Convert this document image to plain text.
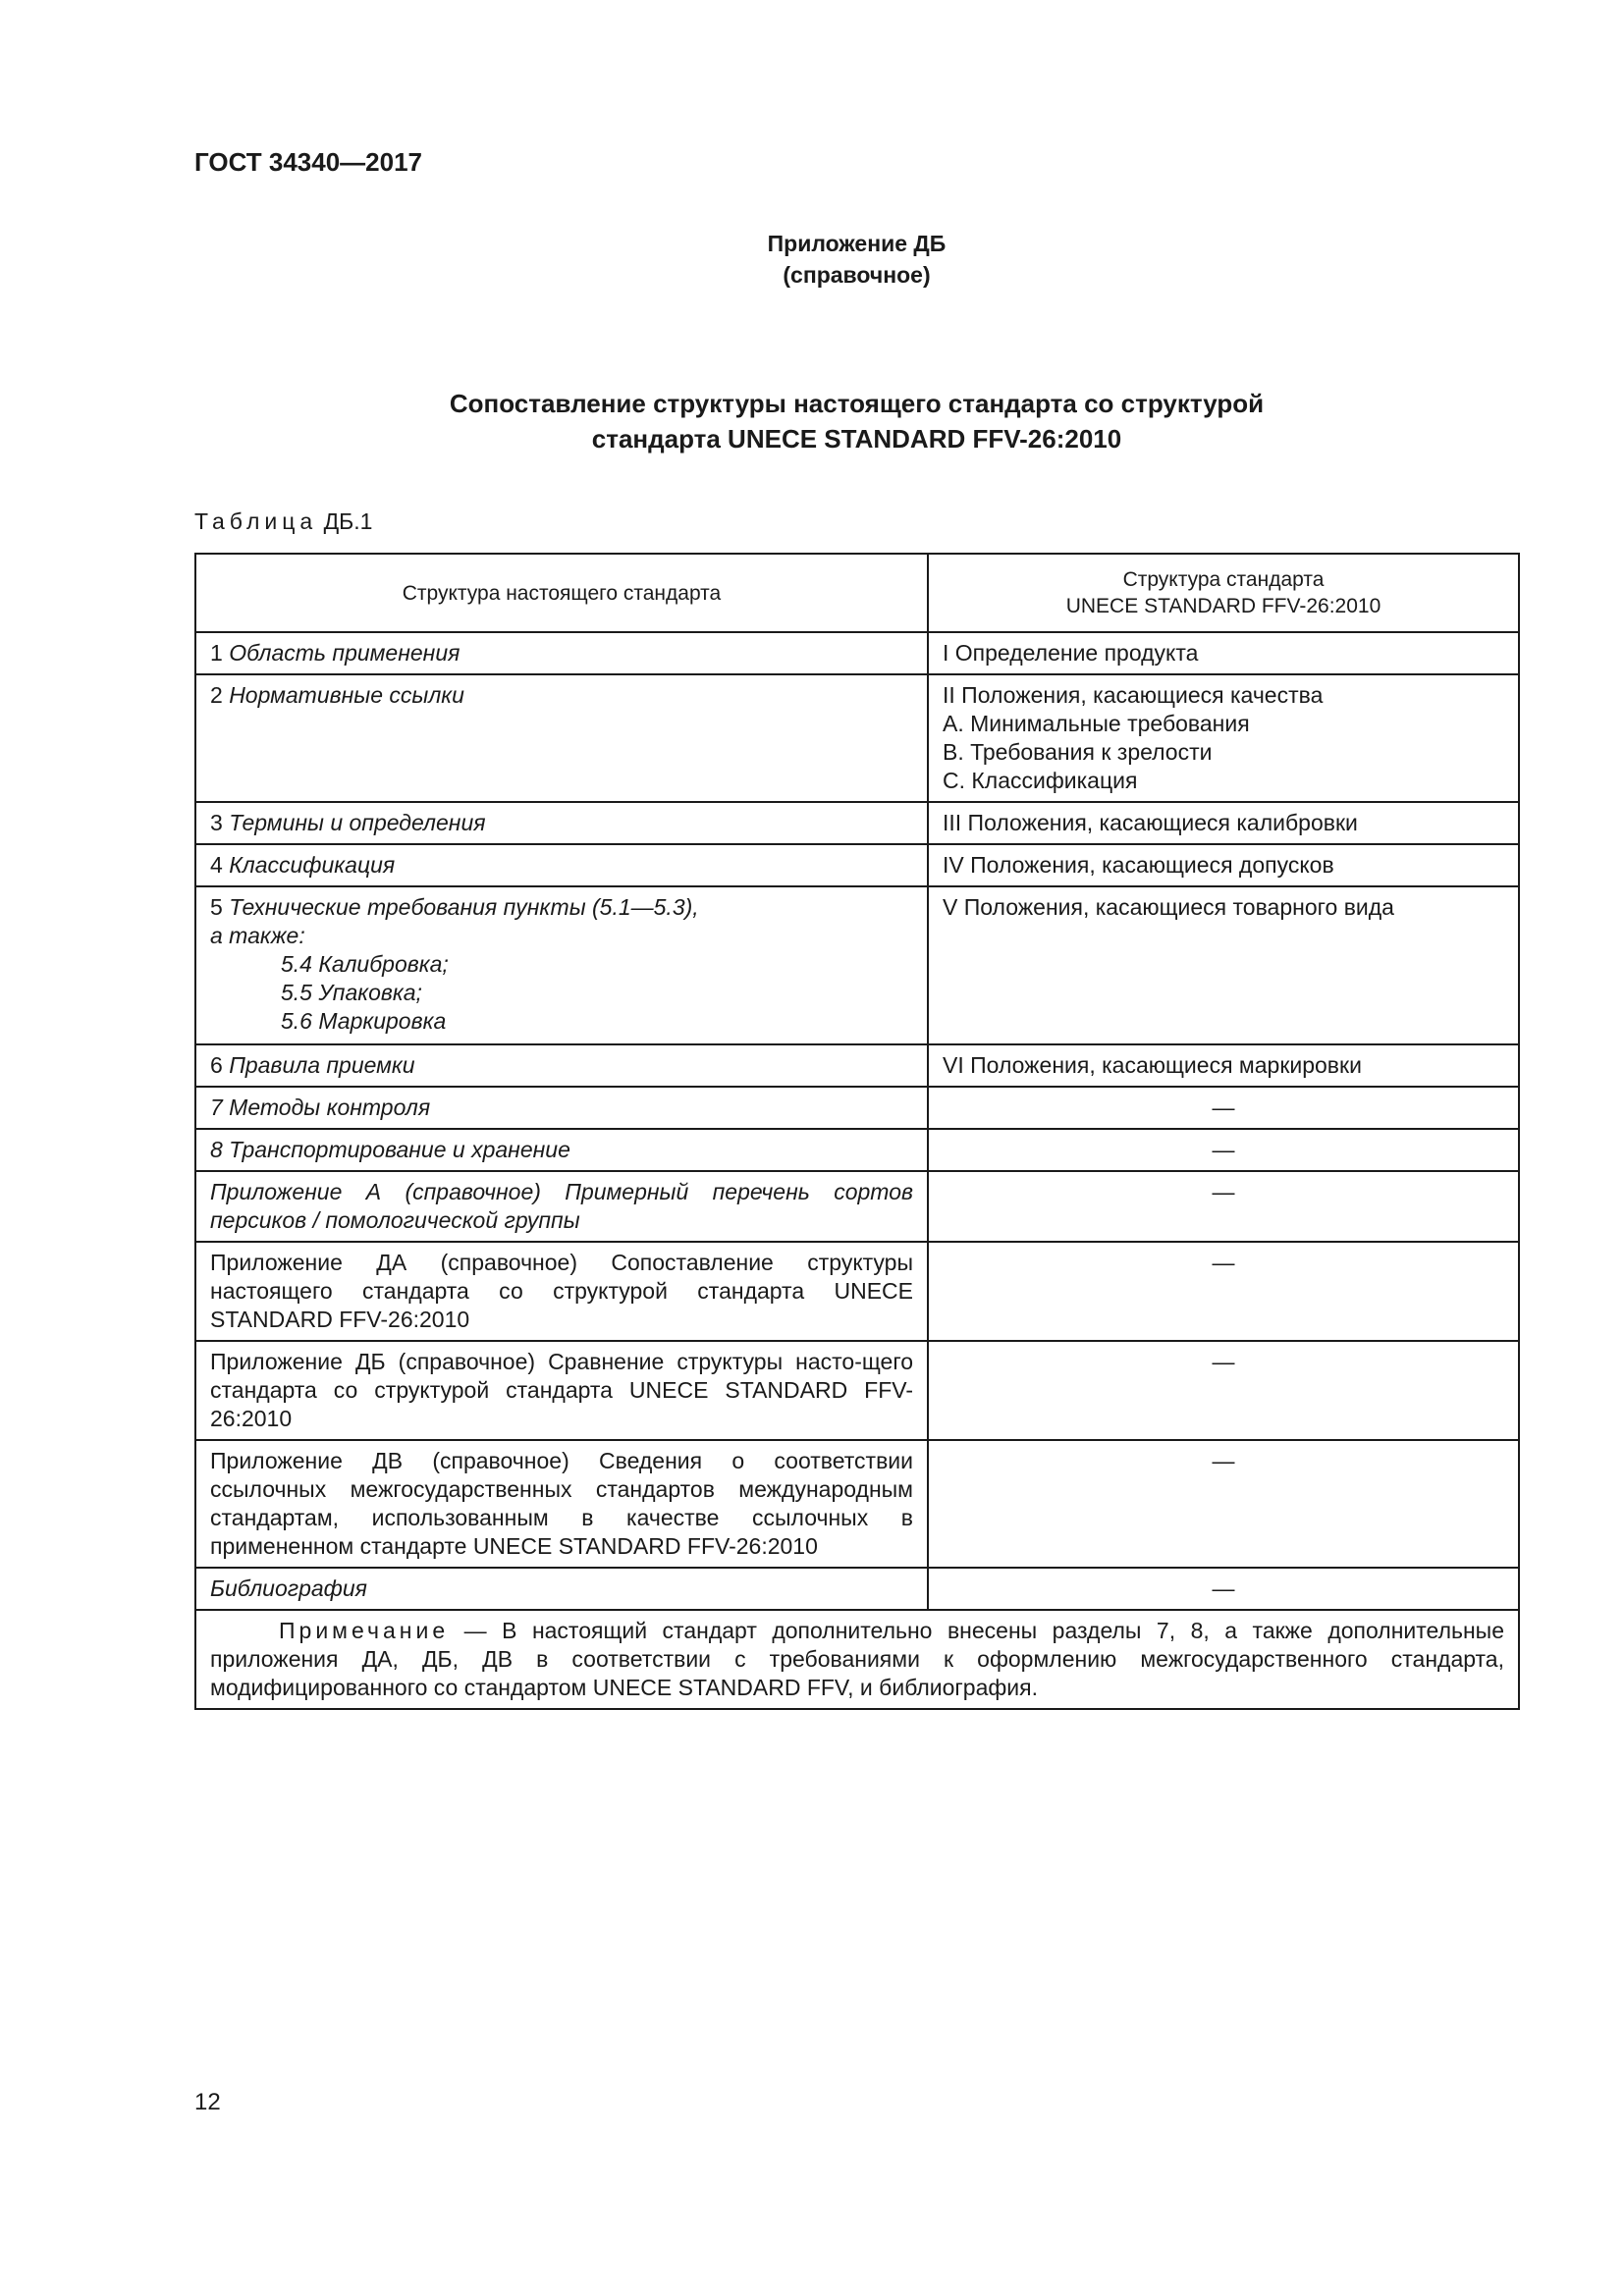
ГОСТ 34340—2017
Приложение ДБ
(справочное)
Сопоставление структуры настоящего стандарта со структурой
стандарта UNECE STANDARD FFV-26:2010
Таблица ДБ.1
Структура настоящего стандарта	Структура стандарта
UNECE STANDARD FFV-26:2010

1 Область применения	I Определение продукта
2 Нормативные ссылки	II Положения, касающиеся качества
А. Минимальные требования
В. Требования к зрелости
С. Классификация

3 Термины и определения	III Положения, касающиеся калибровки
4 Классификация	IV Положения, касающиеся допусков

5 Технические требования пункты (5.1—5.3),
а также:
5.4 Калибровка;
5.5 Упаковка;
5.6 Маркировка	V Положения, касающиеся товарного вида
6 Правила приемки	VI Положения, касающиеся маркировки
7 Методы контроля	—
8 Транспортирование и хранение	—
Приложение А (справочное) Примерный перечень сортов персиков / помологической группы	—
Приложение ДА (справочное) Сопоставление структуры настоящего стандарта со структурой стандарта UNECE STANDARD FFV-26:2010	—
Приложение ДБ (справочное) Сравнение структуры насто-щего стандарта со структурой стандарта UNECE STANDARD FFV-26:2010	—
Приложение ДВ (справочное) Сведения о соответствии ссылочных межгосударственных стандартов международным стандартам, использованным в качестве ссылочных в примененном стандарте UNECE STANDARD FFV-26:2010	—
Библиография	—
Примечание — В настоящий стандарт дополнительно внесены разделы 7, 8, а также дополнительные приложения ДА, ДБ, ДВ в соответствии с требованиями к оформлению межгосударственного стандарта, модифицированного со стандартом UNECE STANDARD FFV, и библиография.	
12
